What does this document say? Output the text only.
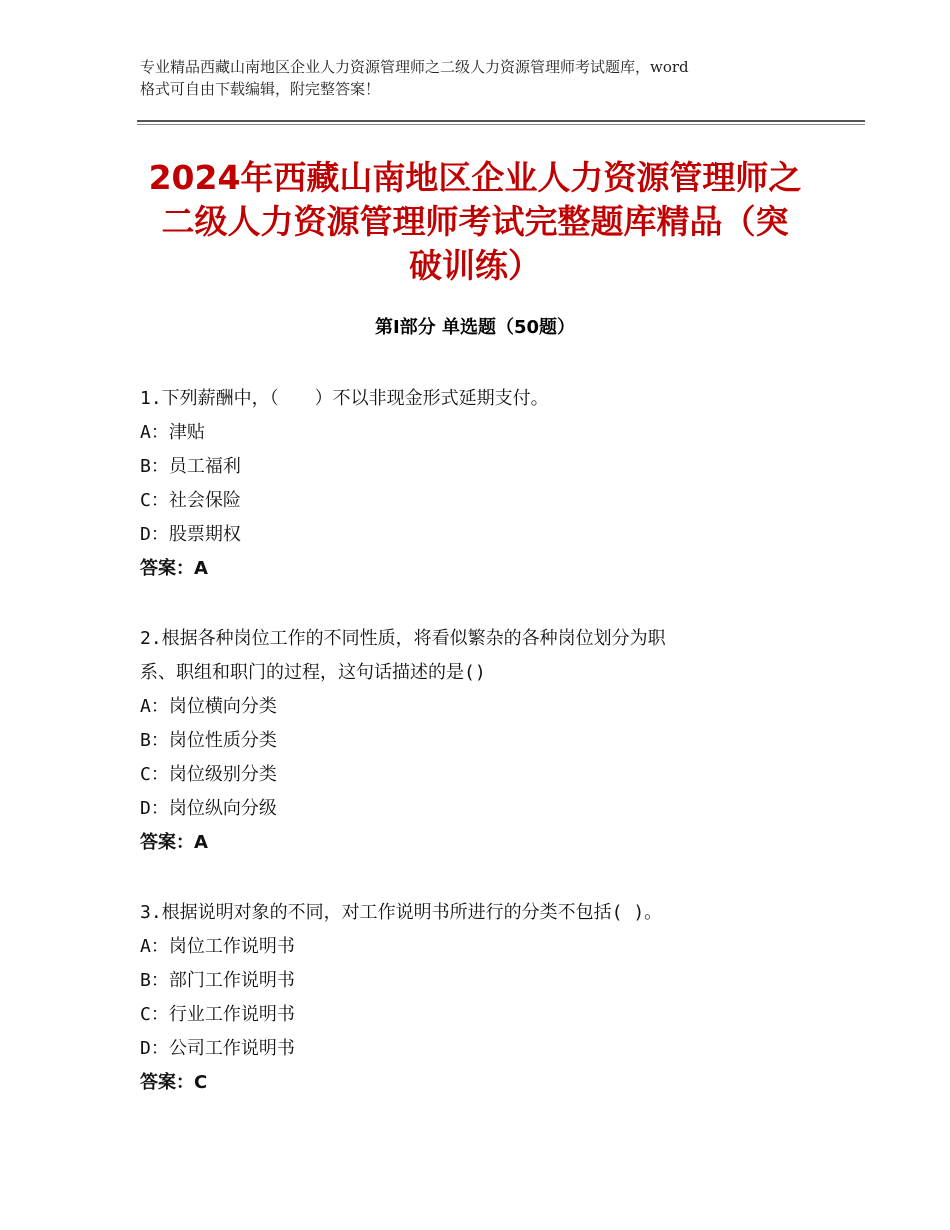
专业精品西藏山南地区企业人力资源管理师之二级人力资源管理师考试题库，word
格式可自由下载编辑，附完整答案！
2024年西藏山南地区企业人力资源管理师之
二级人力资源管理师考试完整题库精品（突
破训练）
第Ⅰ部分 单选题（50题）
1.下列薪酬中，（　　）不以非现金形式延期支付。
A：津贴
B：员工福利
C：社会保险
D：股票期权
答案：A
2.根据各种岗位工作的不同性质，将看似繁杂的各种岗位划分为职
系、职组和职门的过程，这句话描述的是()
A：岗位横向分类
B：岗位性质分类
C：岗位级别分类
D：岗位纵向分级
答案：A
3.根据说明对象的不同，对工作说明书所进行的分类不包括( )。
A：岗位工作说明书
B：部门工作说明书
C：行业工作说明书
D：公司工作说明书
答案：C
